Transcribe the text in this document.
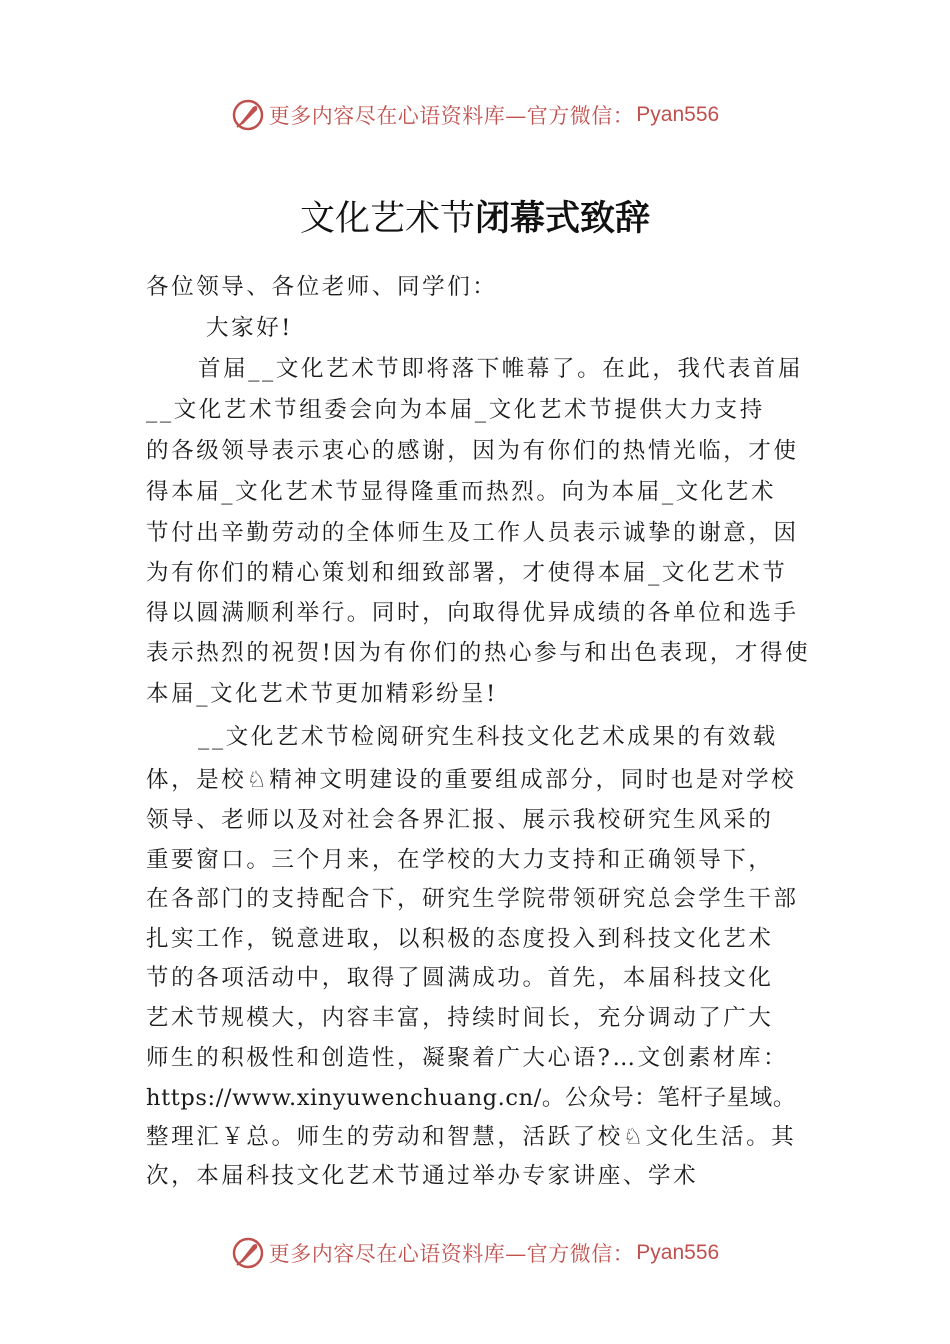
更多内容尽在心语资料库—官方微信： Pyan556
文化艺术节闭幕式致辞
各位领导、各位老师、同学们：
大家好!
首届__文化艺术节即将落下帷幕了。在此，我代表首届
__文化艺术节组委会向为本届_文化艺术节提供大力支持
的各级领导表示衷心的感谢，因为有你们的热情光临，才使
得本届_文化艺术节显得隆重而热烈。向为本届_文化艺术
节付出辛勤劳动的全体师生及工作人员表示诚挚的谢意，因
为有你们的精心策划和细致部署，才使得本届_文化艺术节
得以圆满顺利举行。同时，向取得优异成绩的各单位和选手
表示热烈的祝贺!因为有你们的热心参与和出色表现，才得使
本届_文化艺术节更加精彩纷呈!
__文化艺术节检阅研究生科技文化艺术成果的有效载
体，是校♘精神文明建设的重要组成部分，同时也是对学校
领导、老师以及对社会各界汇报、展示我校研究生风采的
重要窗口。三个月来，在学校的大力支持和正确领导下，
在各部门的支持配合下，研究生学院带领研究总会学生干部
扎实工作，锐意进取，以积极的态度投入到科技文化艺术
节的各项活动中，取得了圆满成功。首先，本届科技文化
艺术节规模大，内容丰富，持续时间长，充分调动了广大
师生的积极性和创造性，凝聚着广大心语?…文创素材库：
https://www.xinyuwenchuang.cn/。公众号：笔杆子星域。
整理汇￥总。师生的劳动和智慧，活跃了校♘文化生活。其
次，本届科技文化艺术节通过举办专家讲座、学术
更多内容尽在心语资料库—官方微信： Pyan556
